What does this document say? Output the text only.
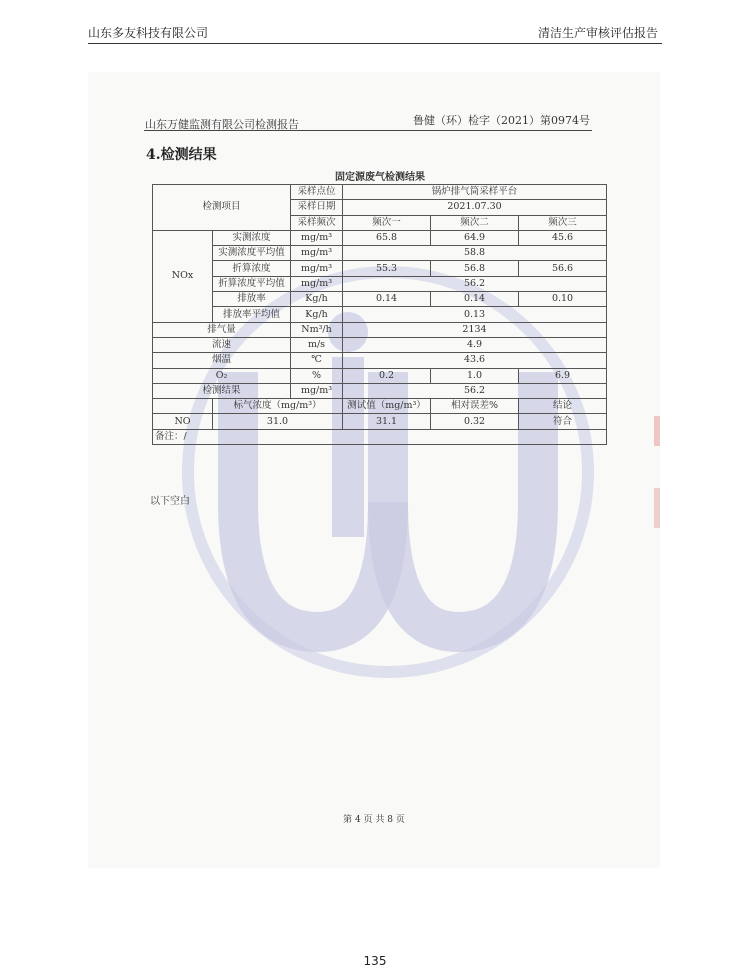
山东多友科技有限公司	清洁生产审核评估报告
山东万健监测有限公司检测报告	鲁健（环）检字（2021）第0974号
4.检测结果
固定源废气检测结果
检测项目		采样点位	锅炉排气筒采样平台		
		采样日期	2021.07.30		
		采样频次	频次一	频次二	频次三
NOx	实测浓度	mg/m³	65.8	64.9	45.6
	实测浓度平均值	mg/m³	58.8		
	折算浓度	mg/m³	55.3	56.8	56.6
	折算浓度平均值	mg/m³	56.2		
	排放率	Kg/h	0.14	0.14	0.10
	排放率平均值	Kg/h	0.13		
排气量		Nm³/h	2134		
流速		m/s	4.9		
烟温		℃	43.6		
O₂		%	0.2	1.0	6.9
检测结果		mg/m³	56.2		
	标气浓度（mg/m³）		测试值（mg/m³）	相对误差%	结论
NO	31.0		31.1	0.32	符合
备注：/					
以下空白
第 4 页 共 8 页
135
